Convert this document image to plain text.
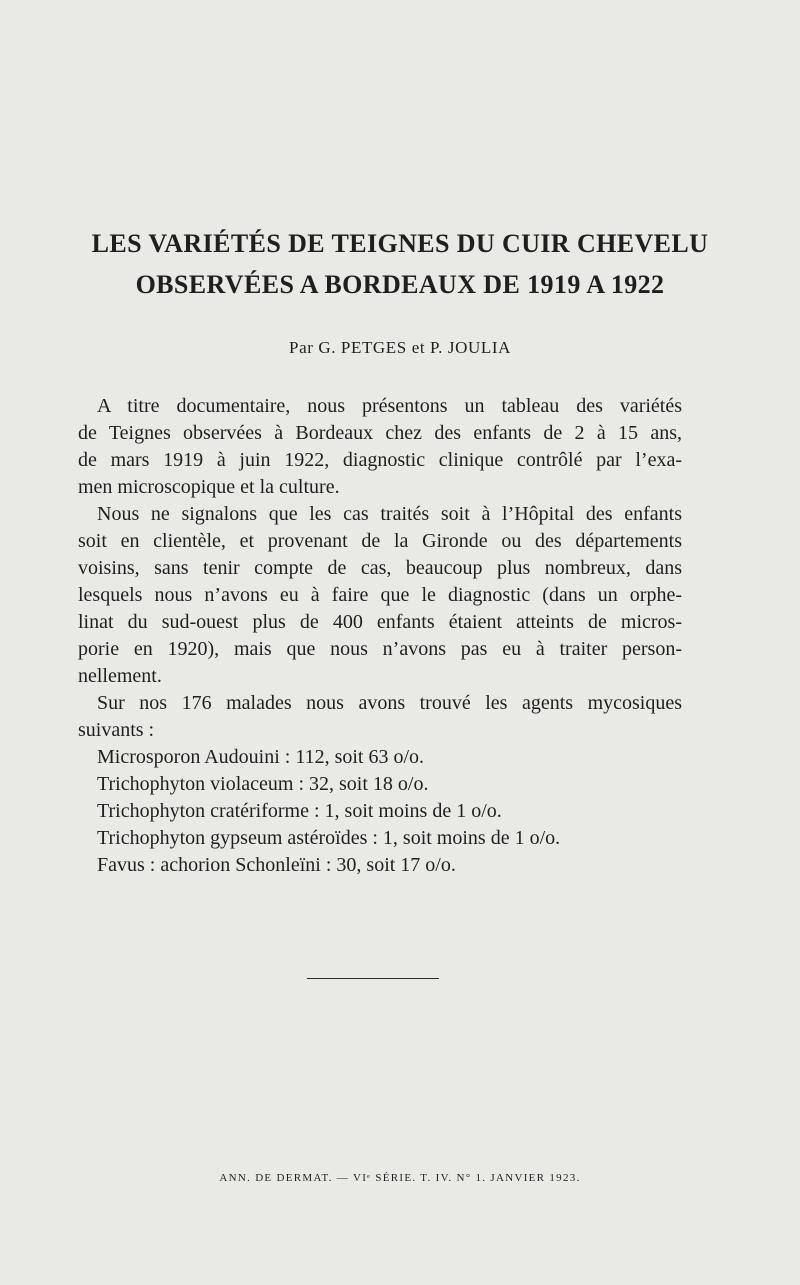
LES VARIÉTÉS DE TEIGNES DU CUIR CHEVELU
OBSERVÉES A BORDEAUX DE 1919 A 1922

Par G. PETGES et P. JOULIA

A titre documentaire, nous présentons un tableau des variétés
de Teignes observées à Bordeaux chez des enfants de 2 à 15 ans,
de mars 1919 à juin 1922, diagnostic clinique contrôlé par l’exa-
men microscopique et la culture.
Nous ne signalons que les cas traités soit à l’Hôpital des enfants
soit en clientèle, et provenant de la Gironde ou des départements
voisins, sans tenir compte de cas, beaucoup plus nombreux, dans
lesquels nous n’avons eu à faire que le diagnostic (dans un orphe-
linat du sud-ouest plus de 400 enfants étaient atteints de micros-
porie en 1920), mais que nous n’avons pas eu à traiter person-
nellement.
Sur nos 176 malades nous avons trouvé les agents mycosiques
suivants :
Microsporon Audouini : 112, soit 63 o/o.
Trichophyton violaceum : 32, soit 18 o/o.
Trichophyton cratériforme : 1, soit moins de 1 o/o.
Trichophyton gypseum astéroïdes : 1, soit moins de 1 o/o.
Favus : achorion Schonleïni : 30, soit 17 o/o.

ANN. DE DERMAT. — VIᵉ SÉRIE. T. IV. N° 1. JANVIER 1923.
